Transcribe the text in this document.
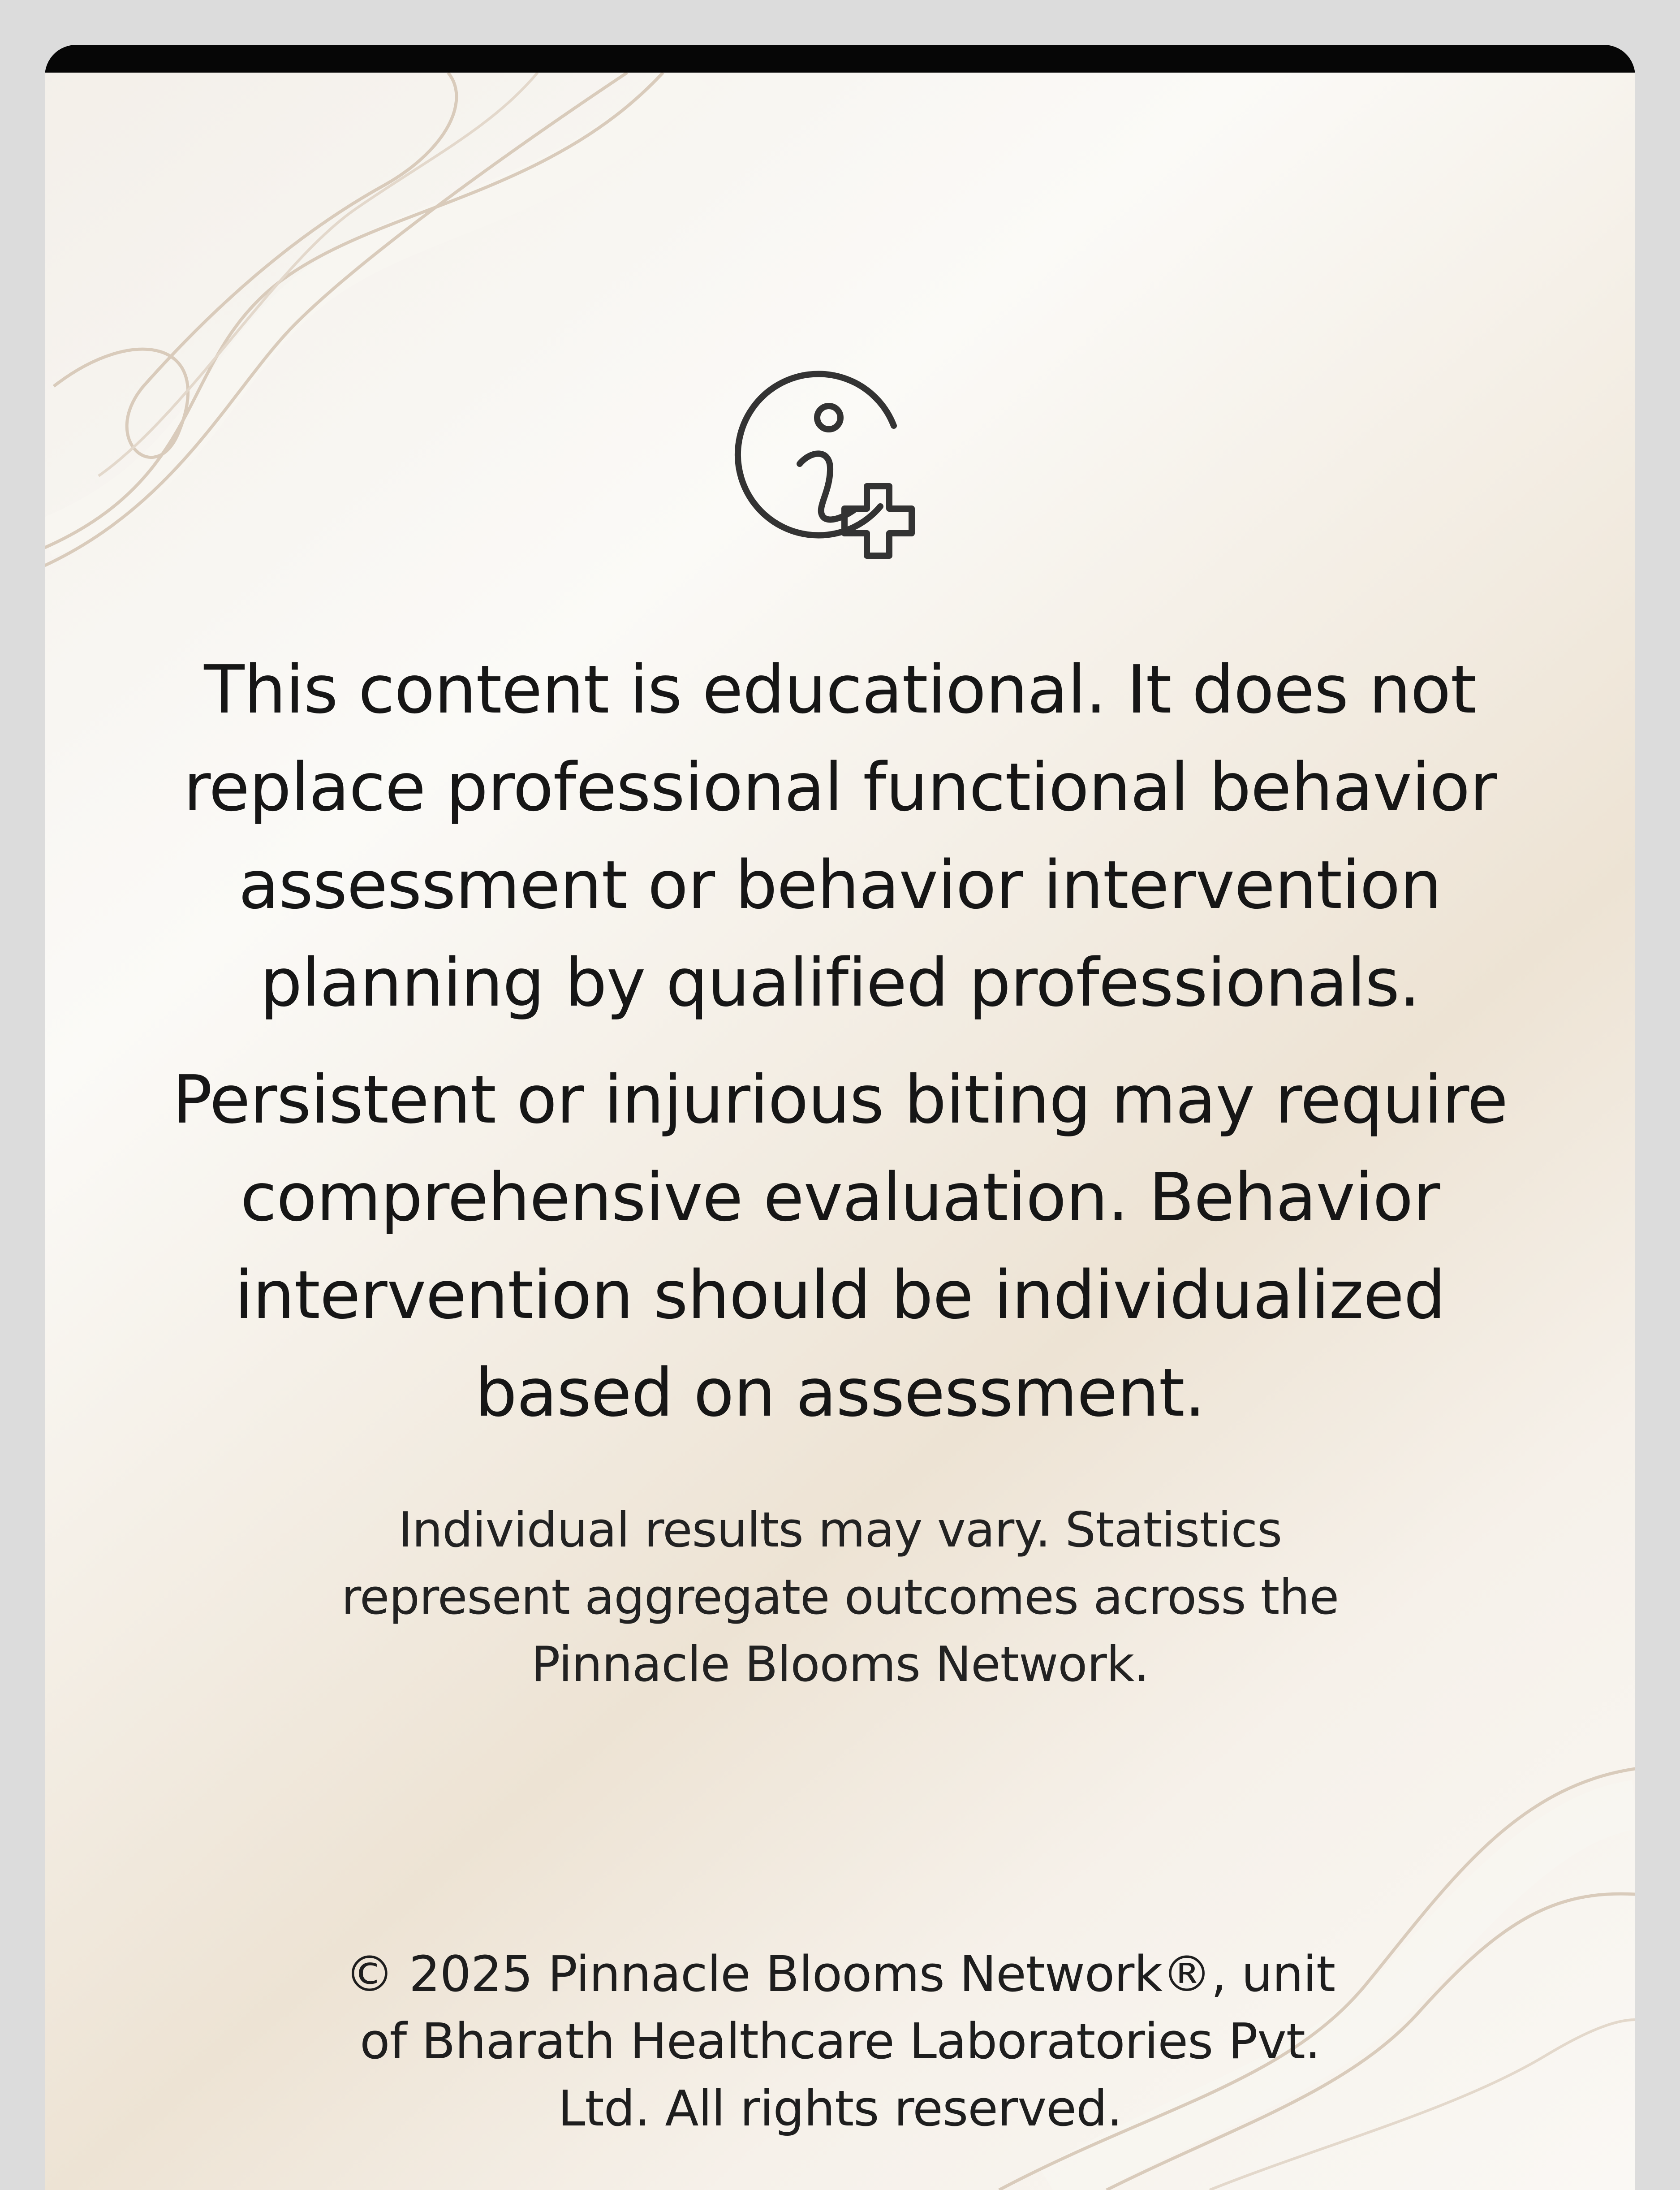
This content is educational. It does not replace professional functional behavior assessment or behavior intervention planning by qualified professionals.
Persistent or injurious biting may require comprehensive evaluation. Behavior intervention should be individualized based on assessment.
Individual results may vary. Statistics represent aggregate outcomes across the Pinnacle Blooms Network.
© 2025 Pinnacle Blooms Network®, unit of Bharath Healthcare Laboratories Pvt. Ltd. All rights reserved.
